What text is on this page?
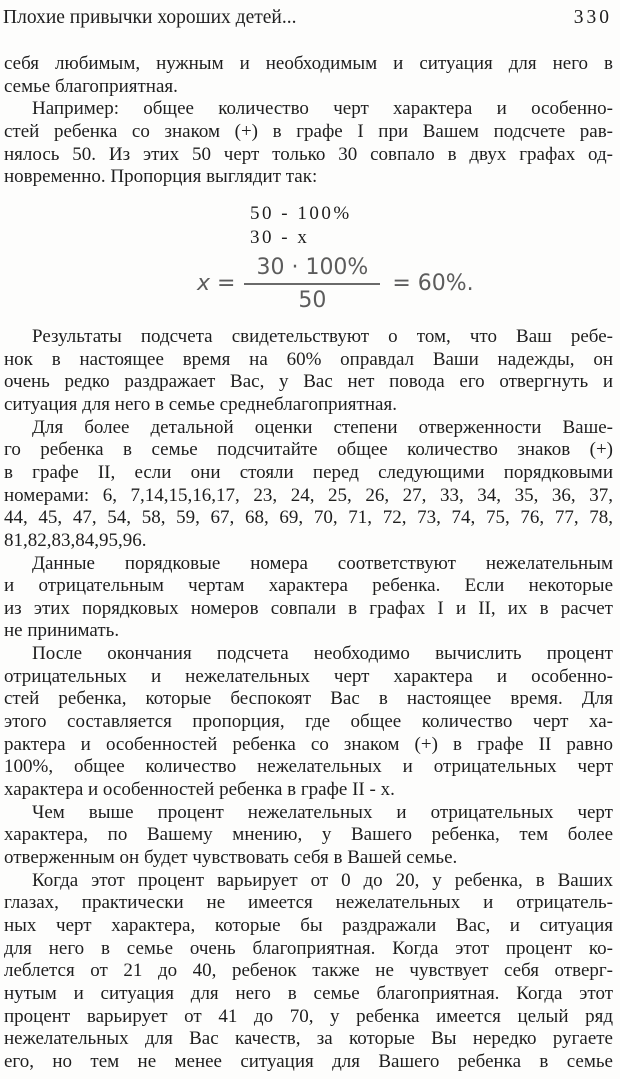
Плохие привычки хороших детей...	330
себя любимым, нужным и необходимым и ситуация для него в
семье благоприятная.
Например: общее количество черт характера и особенно-
стей ребенка со знаком (+) в графе I при Вашем подсчете рав-
нялось 50. Из этих 50 черт только 30 совпало в двух графах од-
новременно. Пропорция выглядит так:
50 - 100%
30 - x
$x = \frac{30 \cdot 100\%}{50} = 60\%$.
Результаты подсчета свидетельствуют о том, что Ваш ребе-
нок в настоящее время на 60% оправдал Ваши надежды, он
очень редко раздражает Вас, у Вас нет повода его отвергнуть и
ситуация для него в семье среднеблагоприятная.
Для более детальной оценки степени отверженности Ваше-
го ребенка в семье подсчитайте общее количество знаков (+)
в графе II, если они стояли перед следующими порядковыми
номерами: 6, 7,14,15,16,17, 23, 24, 25, 26, 27, 33, 34, 35, 36, 37,
44, 45, 47, 54, 58, 59, 67, 68, 69, 70, 71, 72, 73, 74, 75, 76, 77, 78,
81,82,83,84,95,96.
Данные порядковые номера соответствуют нежелательным
и отрицательным чертам характера ребенка. Если некоторые
из этих порядковых номеров совпали в графах I и II, их в расчет
не принимать.
После окончания подсчета необходимо вычислить процент
отрицательных и нежелательных черт характера и особенно-
стей ребенка, которые беспокоят Вас в настоящее время. Для
этого составляется пропорция, где общее количество черт ха-
рактера и особенностей ребенка со знаком (+) в графе II равно
100%, общее количество нежелательных и отрицательных черт
характера и особенностей ребенка в графе II - x.
Чем выше процент нежелательных и отрицательных черт
характера, по Вашему мнению, у Вашего ребенка, тем более
отверженным он будет чувствовать себя в Вашей семье.
Когда этот процент варьирует от 0 до 20, у ребенка, в Ваших
глазах, практически не имеется нежелательных и отрицатель-
ных черт характера, которые бы раздражали Вас, и ситуация
для него в семье очень благоприятная. Когда этот процент ко-
леблется от 21 до 40, ребенок также не чувствует себя отверг-
нутым и ситуация для него в семье благоприятная. Когда этот
процент варьирует от 41 до 70, у ребенка имеется целый ряд
нежелательных для Вас качеств, за которые Вы нередко ругаете
его, но тем не менее ситуация для Вашего ребенка в семье
